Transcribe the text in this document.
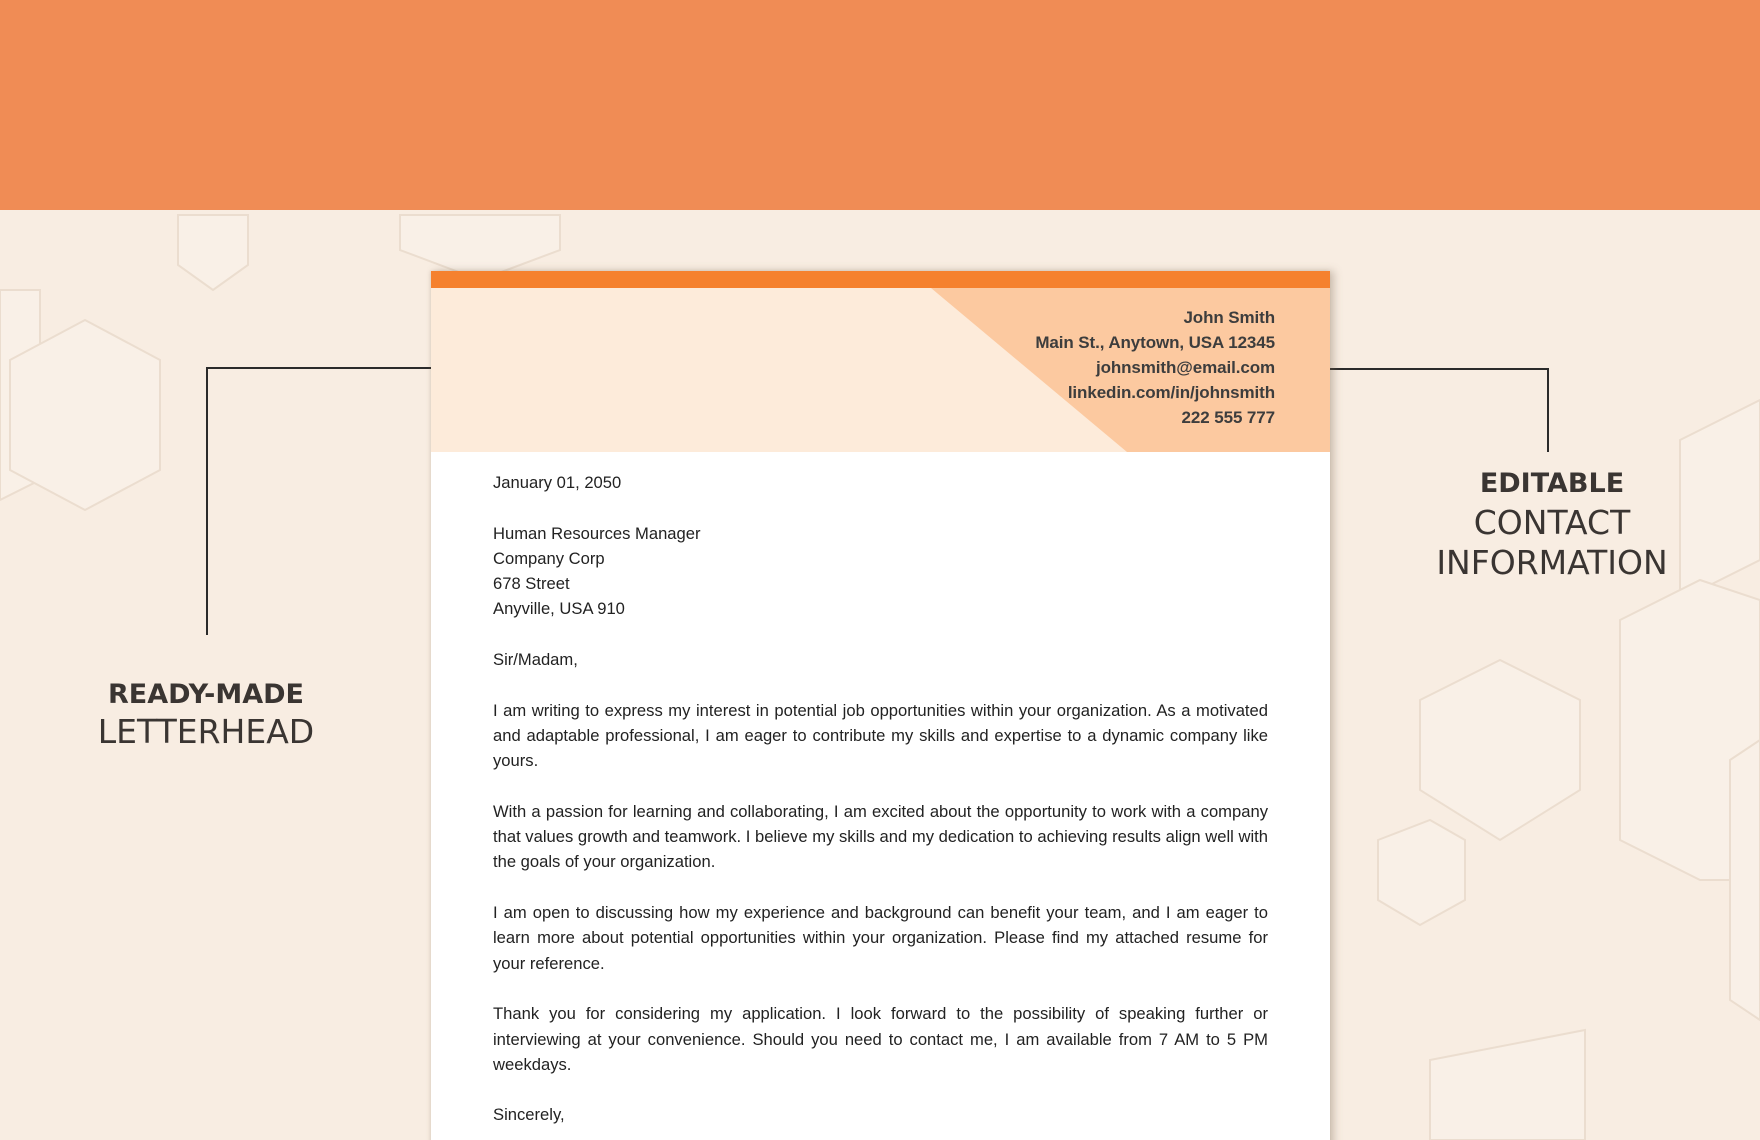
READY-MADE
LETTERHEAD
EDITABLE
CONTACT
INFORMATION
John Smith
Main St., Anytown, USA 12345
johnsmith@email.com
linkedin.com/in/johnsmith
222 555 777
January 01, 2050
Human Resources Manager
Company Corp
678 Street
Anyville, USA 910
Sir/Madam,
I am writing to express my interest in potential job opportunities within your organization. As a motivated and adaptable professional, I am eager to contribute my skills and expertise to a dynamic company like yours.
With a passion for learning and collaborating, I am excited about the opportunity to work with a company that values growth and teamwork. I believe my skills and my dedication to achieving results align well with the goals of your organization.
I am open to discussing how my experience and background can benefit your team, and I am eager to learn more about potential opportunities within your organization. Please find my attached resume for your reference.
Thank you for considering my application. I look forward to the possibility of speaking further or interviewing at your convenience. Should you need to contact me, I am available from 7 AM to 5 PM weekdays.
Sincerely,
